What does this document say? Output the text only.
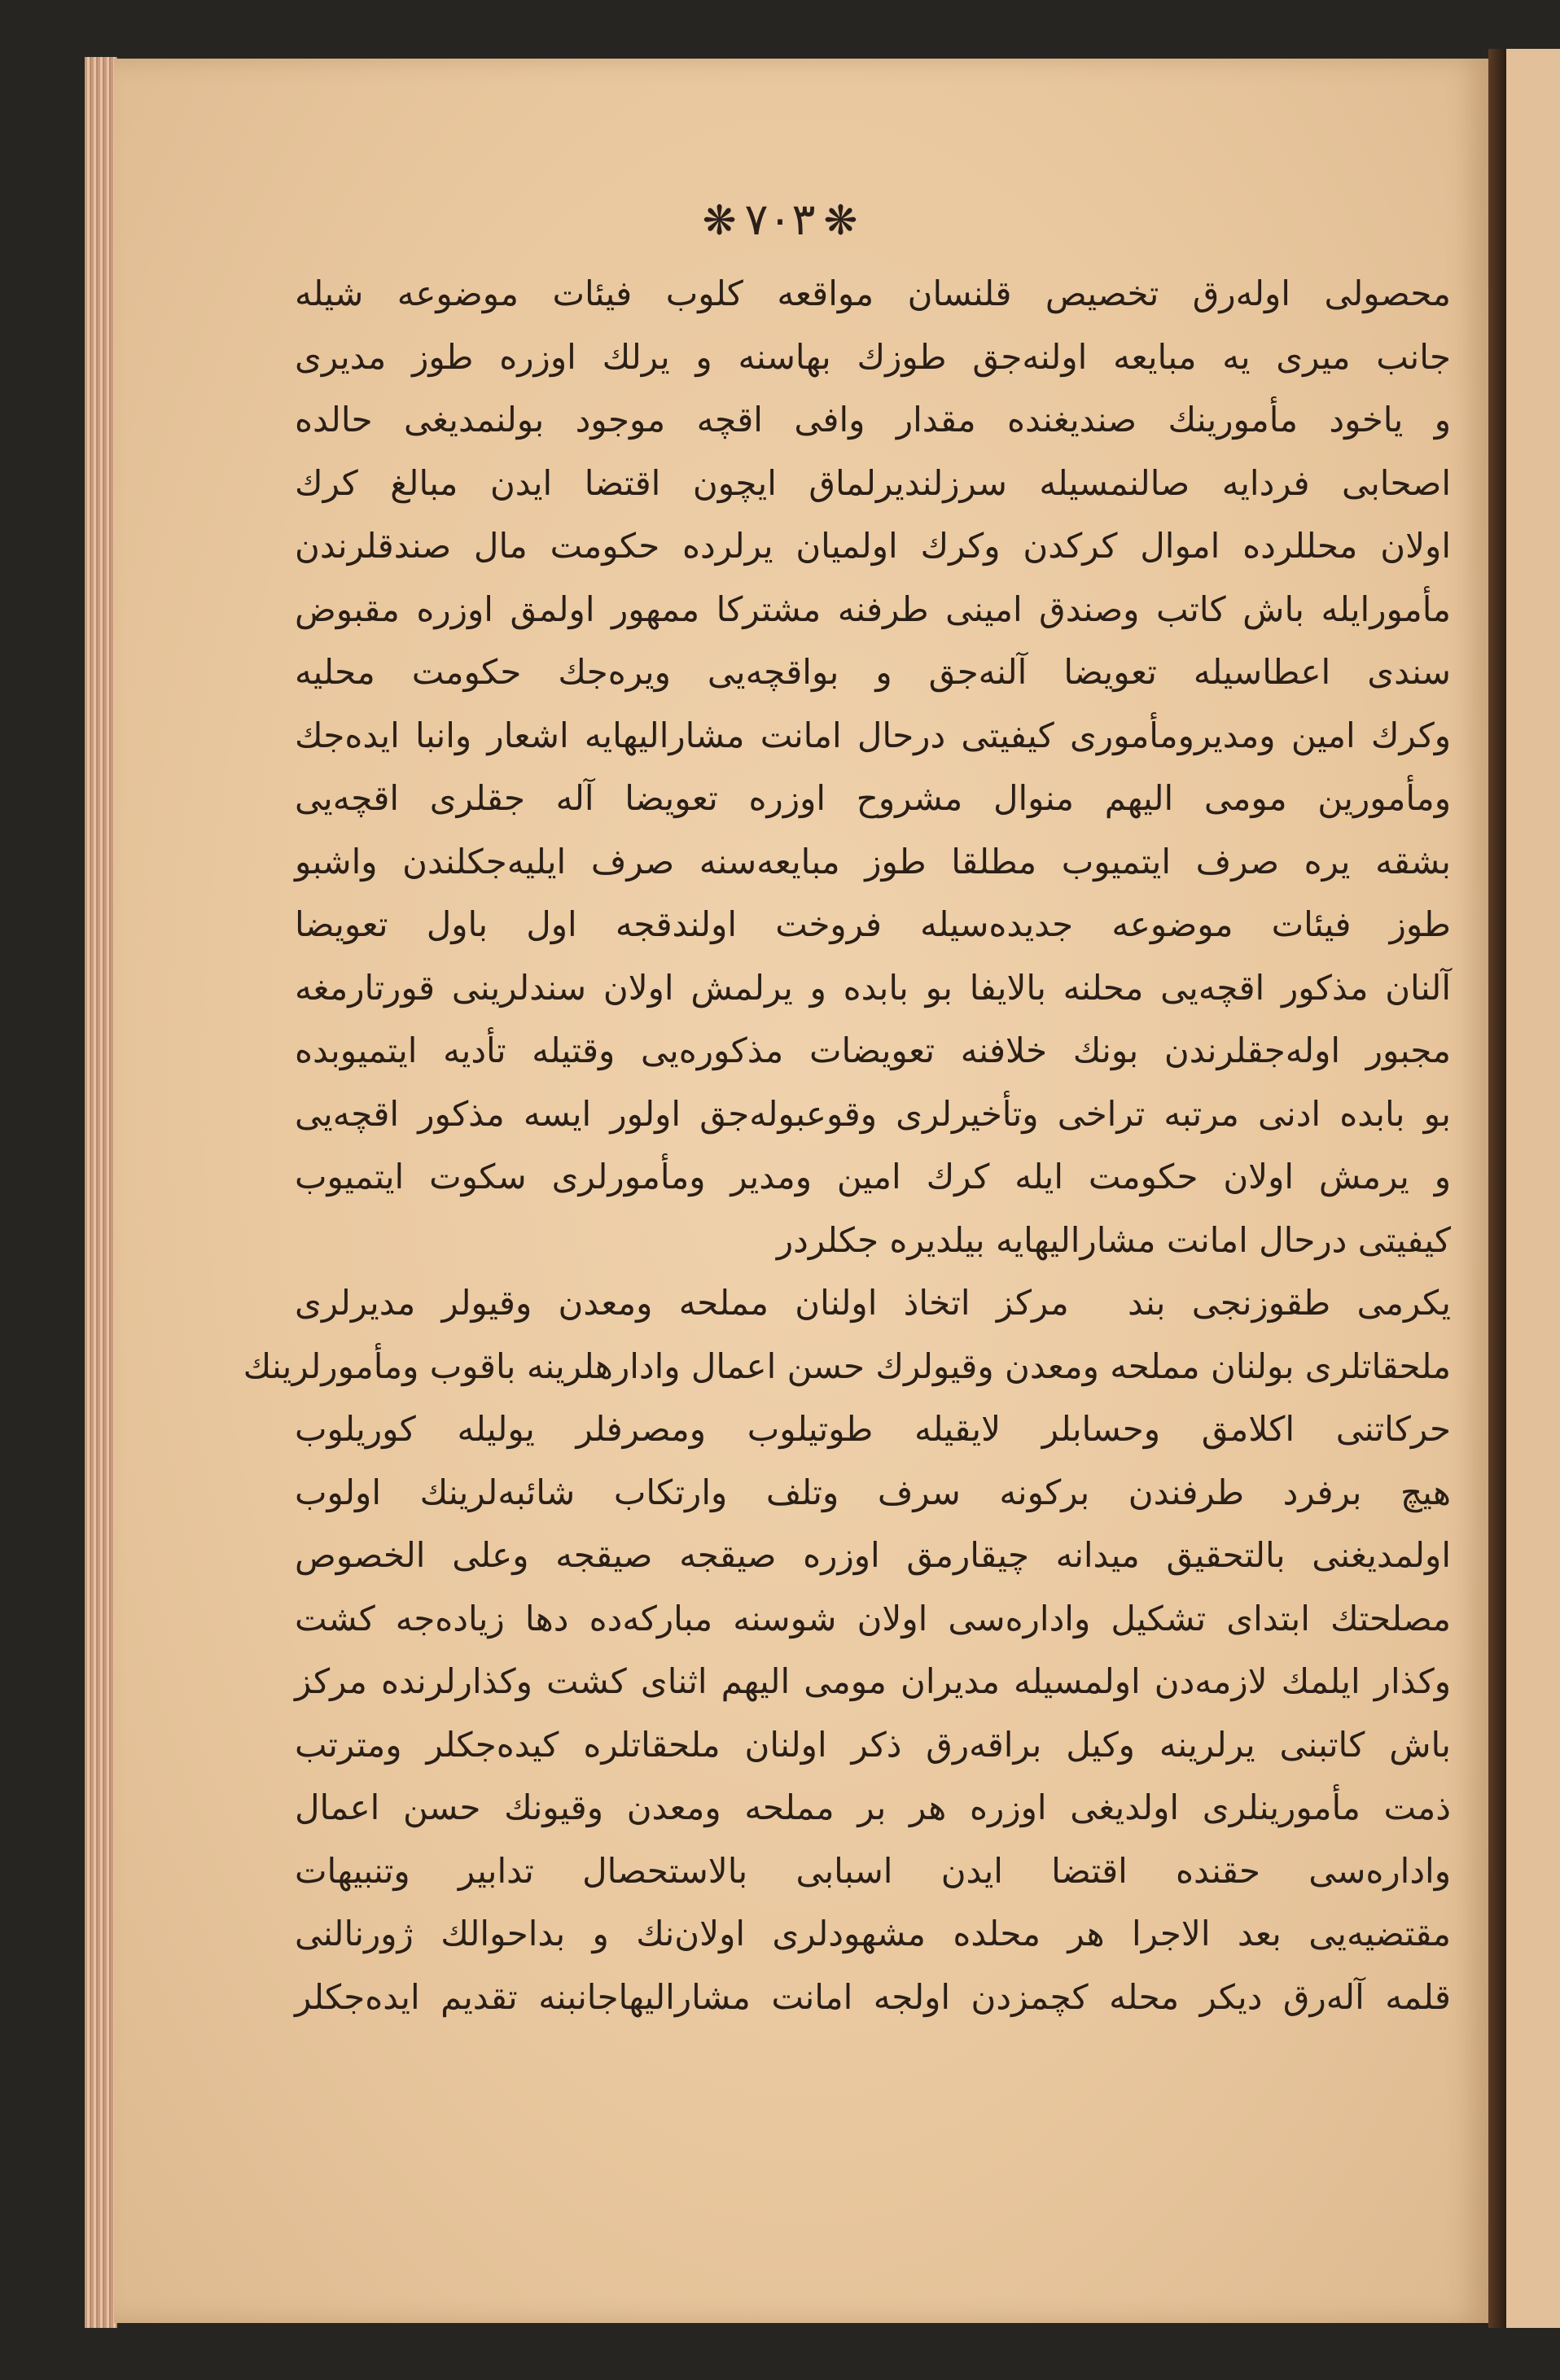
❋٧٠٣❋
محصولی اوله‌رق تخصیص قلنسان مواقعه کلوب فیئات موضوعه شیله
جانب میری یه مبایعه اولنه‌جق طوزك بهاسنه و یرلك اوزره طوز مدیری
و یاخود مأمورینك صندیغنده مقدار وافی اقچه موجود بولنمدیغی حالده
اصحابی فردایه صالنمسیله سرزلندیرلماق ایچون اقتضا ایدن مبالغ کرك
اولان محللرده اموال کرکدن وکرك اولمیان یرلرده حکومت مال صندقلرندن
مأمورایله باش کاتب وصندق امینی طرفنه مشترکا ممهور اولمق اوزره مقبوض
سندی اعطاسیله تعویضا آلنه‌جق و بواقچه‌یی ویره‌جك حکومت محلیه
وکرك امین ومدیرومأموری کیفیتی درحال امانت مشارالیهایه اشعار وانبا ایده‌جك
ومأمورین مومی الیهم منوال مشروح اوزره تعویضا آله جقلری اقچه‌یی
بشقه یره صرف ایتمیوب مطلقا طوز مبایعه‌سنه صرف ایلیه‌جکلندن واشبو
طوز فیئات موضوعه جدیده‌سیله فروخت اولندقجه اول باول تعویضا
آلنان مذکور اقچه‌یی محلنه بالایفا بو بابده و یرلمش اولان سندلرینی قورتارمغه
مجبور اوله‌جقلرندن بونك خلافنه تعویضات مذکوره‌یی وقتیله تأدیه ایتمیوبده
بو بابده ادنی مرتبه تراخی وتأخیرلری وقوعبوله‌جق اولور ایسه مذکور اقچه‌یی
و یرمش اولان حکومت ایله کرك امین ومدیر ومأمورلری سکوت ایتمیوب
کیفیتی درحال امانت مشارالیهایه بیلدیره جکلردر
یکرمی طقوزنجی بند مرکز اتخاذ اولنان مملحه ومعدن وقیولر مدیرلری
ملحقاتلری بولنان مملحه ومعدن وقیولرك حسن اعمال وادارهلرینه باقوب ومأمورلرینك
حرکاتنی اکلامق وحسابلر لایقیله طوتیلوب ومصرفلر یولیله کوریلوب
هیچ برفرد طرفندن برکونه سرف وتلف وارتکاب شائبه‌لرینك اولوب
اولمدیغنی بالتحقیق میدانه چیقارمق اوزره صیقجه صیقجه وعلی الخصوص
مصلحتك ابتدای تشکیل واداره‌سی اولان شوسنه مبارکه‌ده دها زیاده‌جه کشت
وکذار ایلمك لازمه‌دن اولمسیله مدیران مومی الیهم اثنای کشت وکذارلرنده مرکز
باش کاتبنی یرلرینه وکیل براقه‌رق ذکر اولنان ملحقاتلره کیده‌جکلر ومترتب
ذمت مأمورینلری اولدیغی اوزره هر بر مملحه ومعدن وقیونك حسن اعمال
واداره‌سی حقنده اقتضا ایدن اسبابی بالاستحصال تدابیر وتنبیهات
مقتضیه‌یی بعد الاجرا هر محلده مشهودلری اولان‌نك و بداحوالك ژورنالنی
قلمه آله‌رق دیکر محله کچمزدن اولجه امانت مشارالیهاجانبنه تقدیم ایده‌جکلر
